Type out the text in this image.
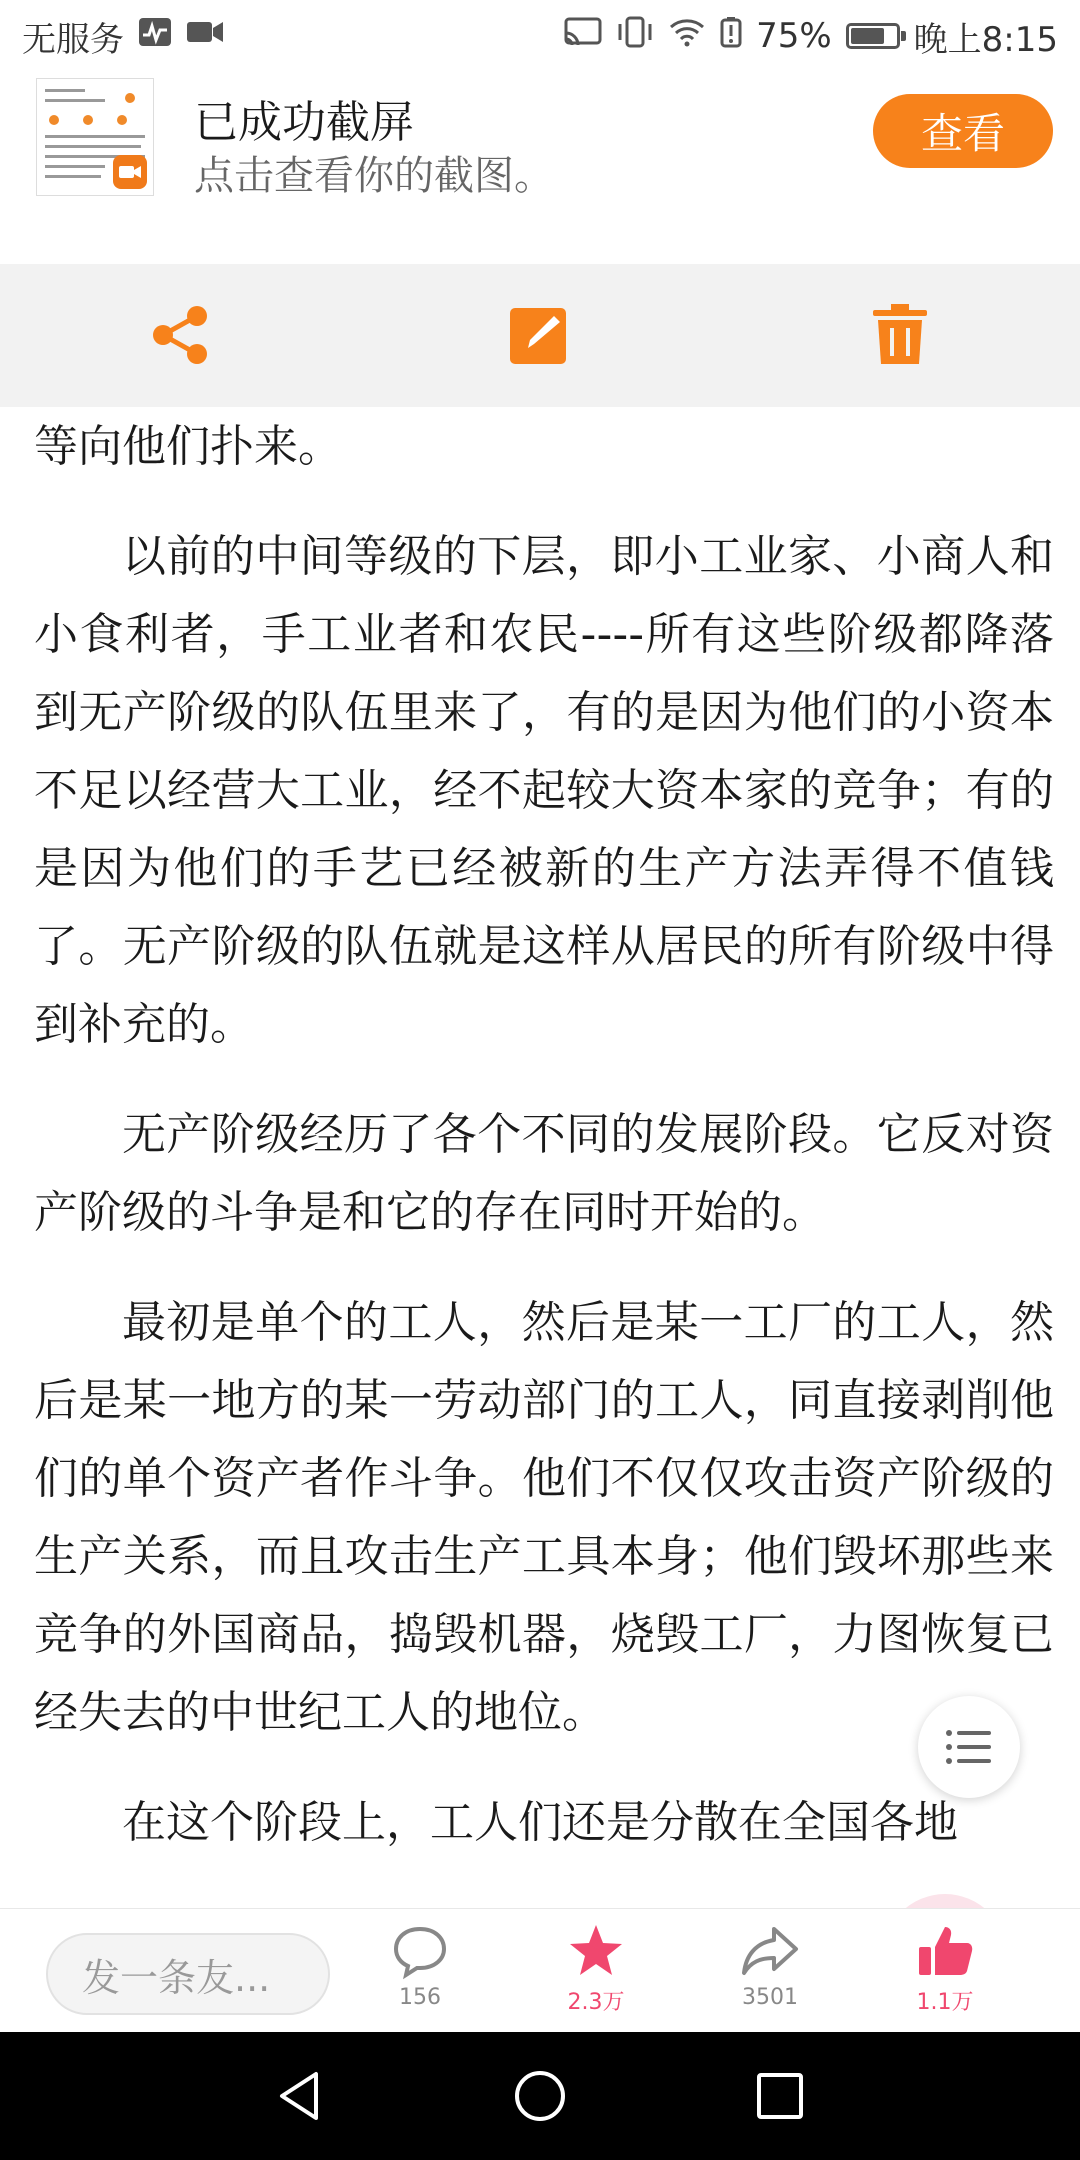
无服务	75% 晚上8:15
已成功截屏
点击查看你的截图。
查看

等向他们扑来。

以前的中间等级的下层，即小工业家、小商人和小食利者，手工业者和农民----所有这些阶级都降落到无产阶级的队伍里来了，有的是因为他们的小资本不足以经营大工业，经不起较大资本家的竞争；有的是因为他们的手艺已经被新的生产方法弄得不值钱了。无产阶级的队伍就是这样从居民的所有阶级中得到补充的。

无产阶级经历了各个不同的发展阶段。它反对资产阶级的斗争是和它的存在同时开始的。

最初是单个的工人，然后是某一工厂的工人，然后是某一地方的某一劳动部门的工人，同直接剥削他们的单个资产者作斗争。他们不仅仅攻击资产阶级的生产关系，而且攻击生产工具本身；他们毁坏那些来竞争的外国商品，捣毁机器，烧毁工厂，力图恢复已经失去的中世纪工人的地位。

在这个阶段上，工人们还是分散在全国各地

发一条友...	156	2.3万	3501	1.1万
